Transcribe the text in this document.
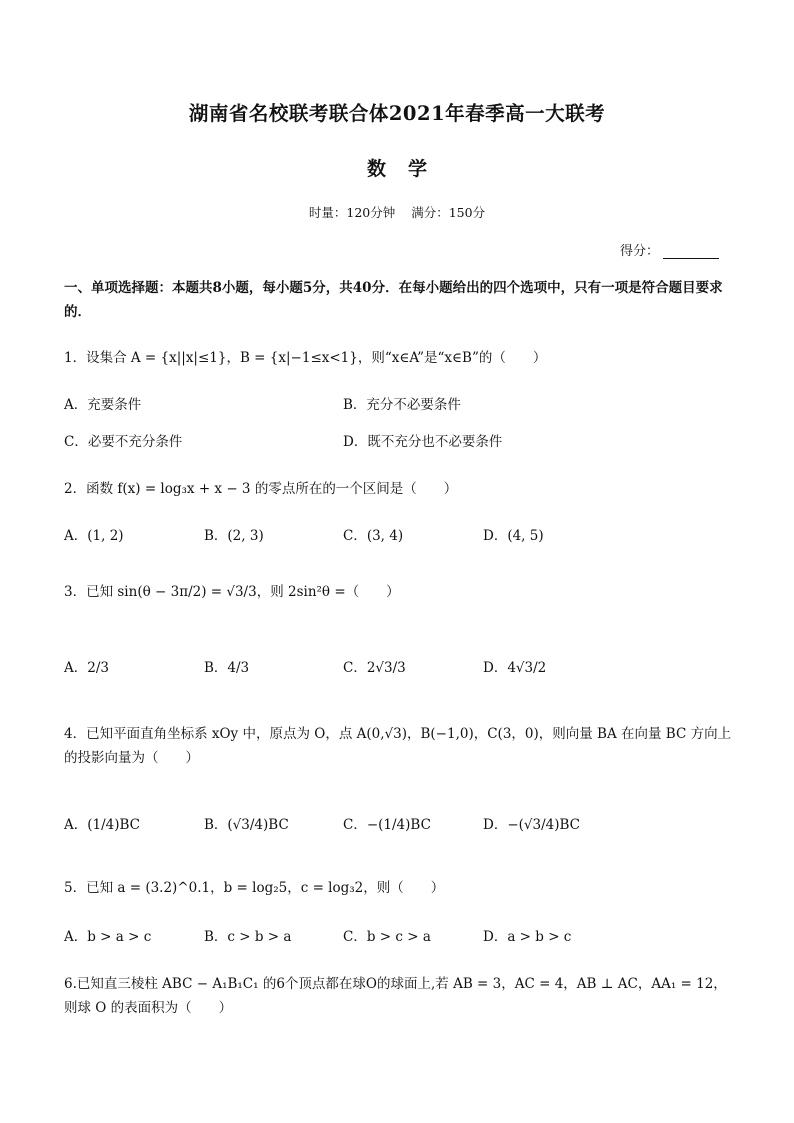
湖南省名校联考联合体2021年春季高一大联考
数学
时量：120分钟 满分：150分
得分：
一、单项选择题：本题共8小题，每小题5分，共40分．在每小题给出的四个选项中，只有一项是符合题目要求的．
1．设集合 A = {x||x|≤1}，B = {x|−1≤x<1}，则“x∈A”是“x∈B”的（　　）
A．充要条件	B．充分不必要条件
C．必要不充分条件	D．既不充分也不必要条件
2．函数 f(x) = log₃x + x − 3 的零点所在的一个区间是（　　）
A．(1, 2)	B．(2, 3)	C．(3, 4)	D．(4, 5)
3．已知 sin(θ − 3π/2) = √3/3，则 2sin²θ =（　　）
A．2/3	B．4/3	C．2√3/3	D．4√3/2
4．已知平面直角坐标系 xOy 中，原点为 O，点 A(0,√3)，B(−1,0)，C(3，0)，则向量 BA 在向量 BC 方向上的投影向量为（　　）
A．(1/4)BC	B．(√3/4)BC	C．−(1/4)BC	D．−(√3/4)BC
5．已知 a = (3.2)^0.1，b = log₂5，c = log₃2，则（　　）
A．b > a > c	B．c > b > a	C．b > c > a	D．a > b > c
6.已知直三棱柱 ABC − A₁B₁C₁ 的6个顶点都在球O的球面上,若 AB = 3，AC = 4，AB ⊥ AC，AA₁ = 12，则球 O 的表面积为（　　）
